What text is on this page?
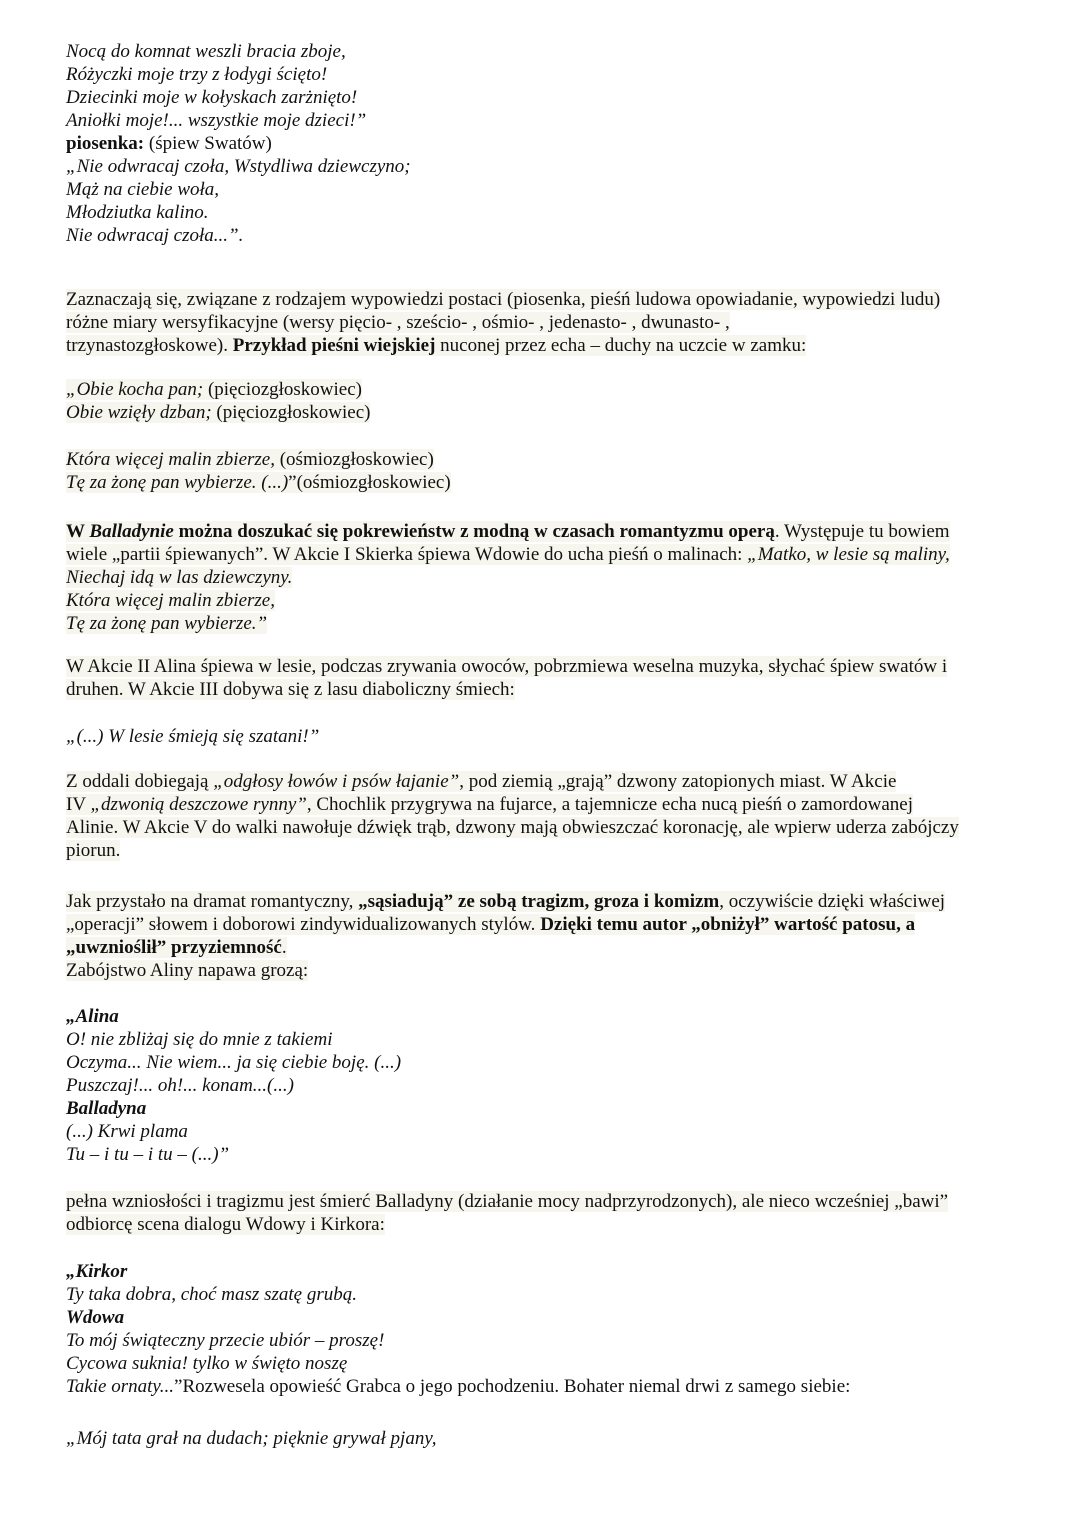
Nocą do komnat weszli bracia zboje,
Różyczki moje trzy z łodygi ścięto!
Dziecinki moje w kołyskach zarżnięto!
Aniołki moje!... wszystkie moje dzieci!”
piosenka: (śpiew Swatów)
„Nie odwracaj czoła, Wstydliwa dziewczyno;
Mąż na ciebie woła,
Młodziutka kalino.
Nie odwracaj czoła...”.
Zaznaczają się, związane z rodzajem wypowiedzi postaci (piosenka, pieśń ludowa opowiadanie, wypowiedzi ludu)
różne miary wersyfikacyjne (wersy pięcio- , sześcio- , ośmio- , jedenasto- , dwunasto- ,
trzynastozgłoskowe). Przykład pieśni wiejskiej nuconej przez echa – duchy na uczcie w zamku:
„Obie kocha pan; (pięciozgłoskowiec)
Obie wzięły dzban; (pięciozgłoskowiec)
Która więcej malin zbierze, (ośmiozgłoskowiec)
Tę za żonę pan wybierze. (...)”(ośmiozgłoskowiec)
W Balladynie można doszukać się pokrewieństw z modną w czasach romantyzmu operą. Występuje tu bowiem
wiele „partii śpiewanych”. W Akcie I Skierka śpiewa Wdowie do ucha pieśń o malinach: „Matko, w lesie są maliny,
Niechaj idą w las dziewczyny.
Która więcej malin zbierze,
Tę za żonę pan wybierze.”
W Akcie II Alina śpiewa w lesie, podczas zrywania owoców, pobrzmiewa weselna muzyka, słychać śpiew swatów i
druhen. W Akcie III dobywa się z lasu diaboliczny śmiech:
„(...) W lesie śmieją się szatani!”
Z oddali dobiegają „odgłosy łowów i psów łajanie”, pod ziemią „grają” dzwony zatopionych miast. W Akcie
IV „dzwonią deszczowe rynny”, Chochlik przygrywa na fujarce, a tajemnicze echa nucą pieśń o zamordowanej
Alinie. W Akcie V do walki nawołuje dźwięk trąb, dzwony mają obwieszczać koronację, ale wpierw uderza zabójczy
piorun.
Jak przystało na dramat romantyczny, „sąsiadują” ze sobą tragizm, groza i komizm, oczywiście dzięki właściwej
„operacji” słowem i doborowi zindywidualizowanych stylów. Dzięki temu autor „obniżył” wartość patosu, a
„uwznioślił” przyziemność.
Zabójstwo Aliny napawa grozą:
„Alina
O! nie zbliżaj się do mnie z takiemi
Oczyma... Nie wiem... ja się ciebie boję. (...)
Puszczaj!... oh!... konam...(...)
Balladyna
(...) Krwi plama
Tu – i tu – i tu – (...)”
pełna wzniosłości i tragizmu jest śmierć Balladyny (działanie mocy nadprzyrodzonych), ale nieco wcześniej „bawi”
odbiorcę scena dialogu Wdowy i Kirkora:
„Kirkor
Ty taka dobra, choć masz szatę grubą.
Wdowa
To mój świąteczny przecie ubiór – proszę!
Cycowa suknia! tylko w święto noszę
Takie ornaty...”Rozwesela opowieść Grabca o jego pochodzeniu. Bohater niemal drwi z samego siebie:
„Mój tata grał na dudach; pięknie grywał pjany,
